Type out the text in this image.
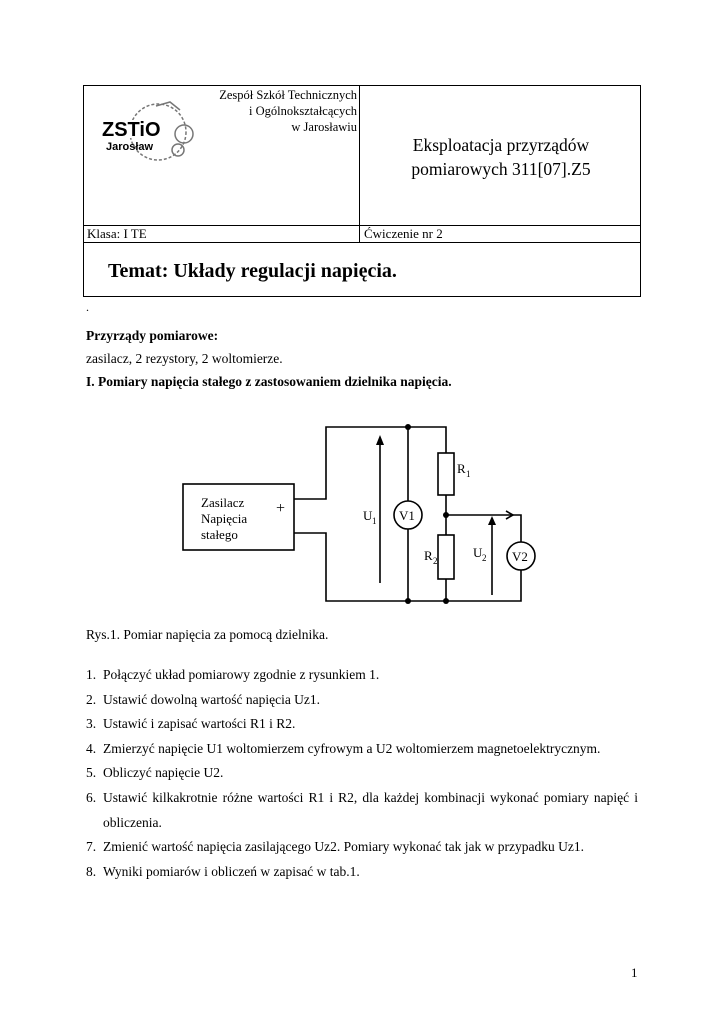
ZSTiO
Jarosław
Zespół Szkół Technicznych
i Ogólnokształcących
w Jarosławiu
Eksploatacja przyrządów
pomiarowych 311[07].Z5
Klasa: I TE	Ćwiczenie nr 2
Temat: Układy regulacji napięcia.
.
Przyrządy pomiarowe:
zasilacz, 2 rezystory, 2 woltomierze.
I. Pomiary napięcia stałego z zastosowaniem dzielnika napięcia.
Zasilacz
Napięcia
stałego
+	U 1 V1
R 1
R 2
U 2 V2
Rys.1. Pomiar napięcia za pomocą dzielnika.
1. Połączyć układ pomiarowy zgodnie z rysunkiem 1.
2. Ustawić dowolną wartość napięcia Uz1.
3. Ustawić i zapisać wartości R1 i R2.
4. Zmierzyć napięcie U1 woltomierzem cyfrowym a U2 woltomierzem magnetoelektrycznym.
5. Obliczyć napięcie U2.
6. Ustawić kilkakrotnie różne wartości R1 i R2, dla każdej kombinacji wykonać pomiary napięć i obliczenia.
7. Zmienić wartość napięcia zasilającego Uz2. Pomiary wykonać tak jak w przypadku Uz1.
8. Wyniki pomiarów i obliczeń w zapisać w tab.1.
1
